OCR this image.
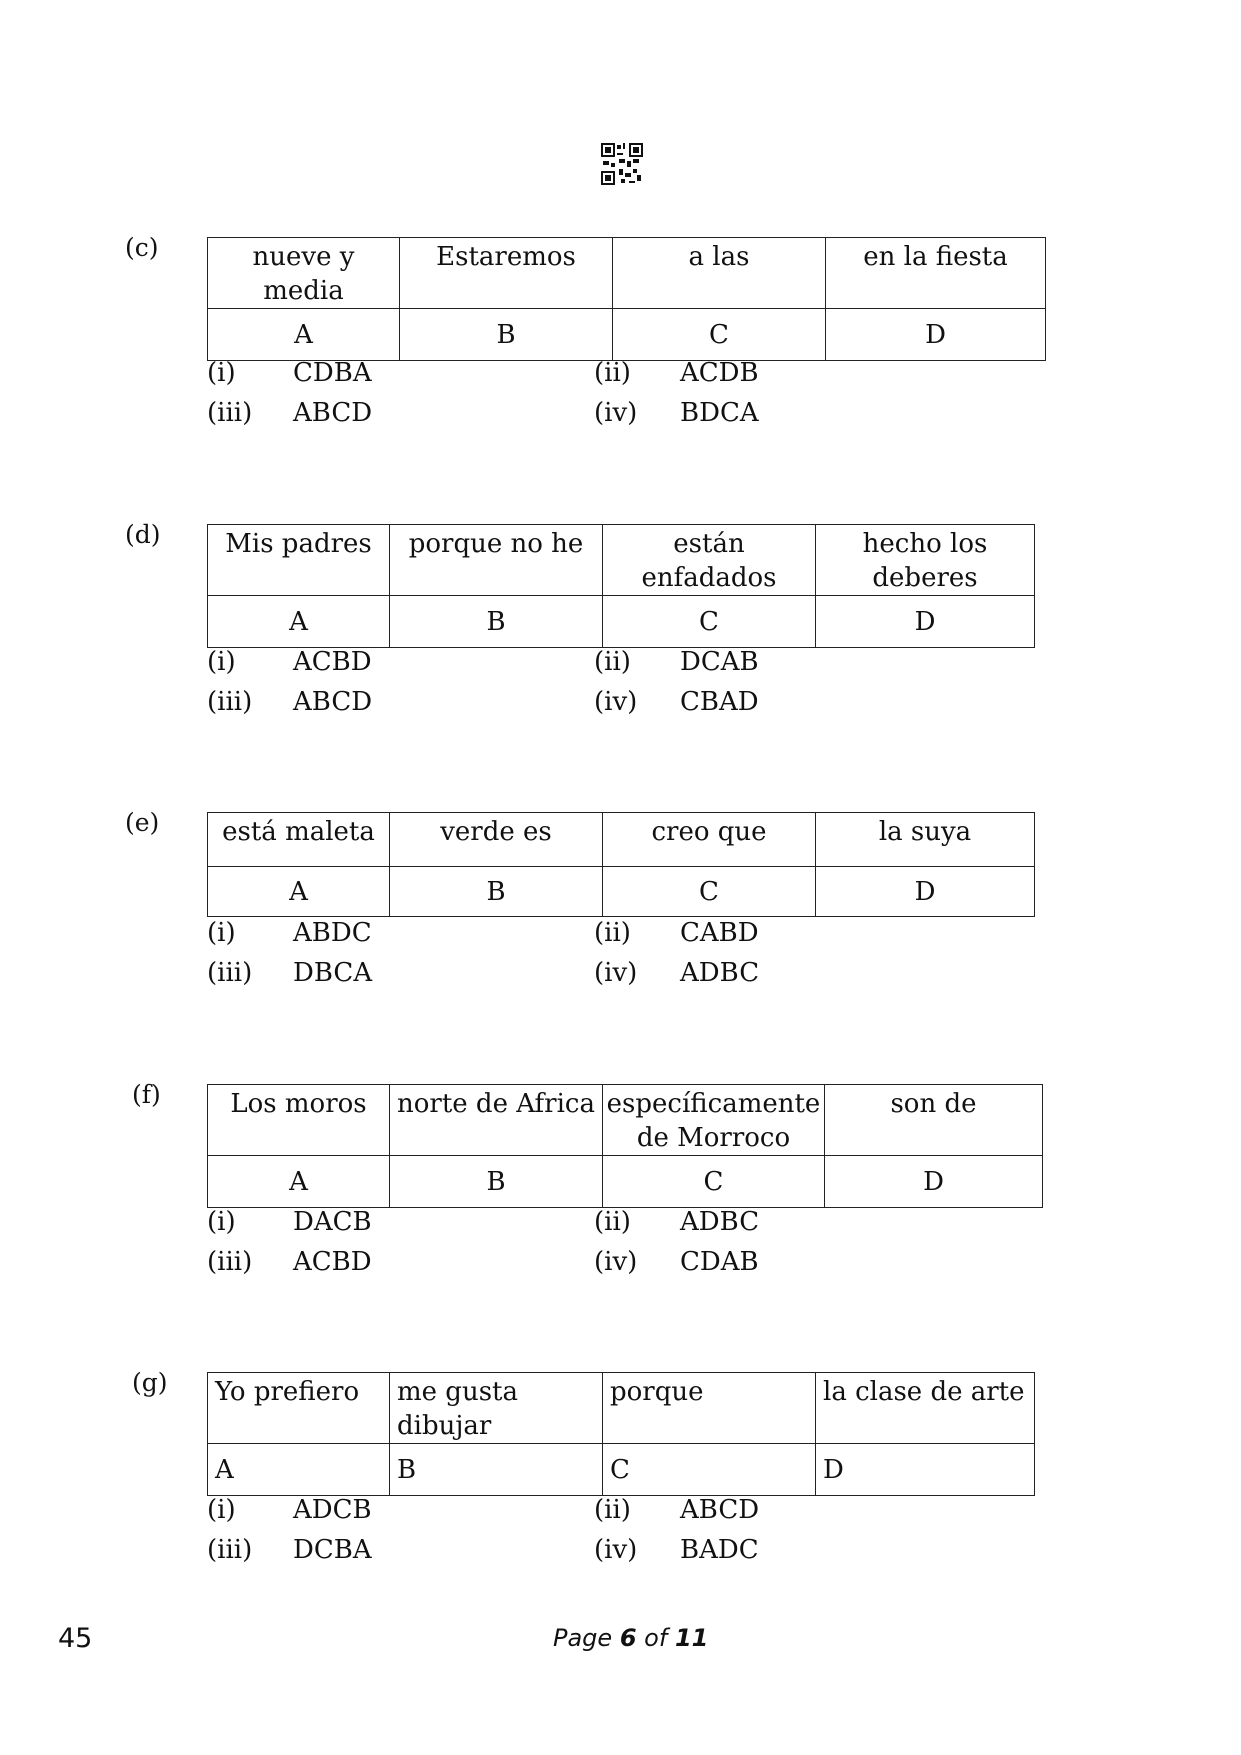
(c)	nueve y media	Estaremos	a las	en la fiesta
A	B	C	D
(i) CDBA	(ii) ACDB
(iii) ABCD	(iv) BDCA
(d) Mis padres	porque no he	están enfadados	hecho los deberes
A	B	C	D
(i) ACBD	(ii) DCAB
(iii) ABCD	(iv) CBAD
(e) está maleta	verde es	creo que	la suya
A	B	C	D
(i) ABDC	(ii) CABD
(iii) DBCA	(iv) ADBC
(f)	Los moros	norte de Africa	específicamente de Morroco	son de
A	B	C	D
(i) DACB	(ii) ADBC
(iii) ACBD	(iv) CDAB
(g) Yo prefiero	me gusta dibujar	porque	la clase de arte
A	B	C	D
(i) ADCB	(ii) ABCD
(iii) DCBA	(iv) BADC
45	Page 6 of 11
